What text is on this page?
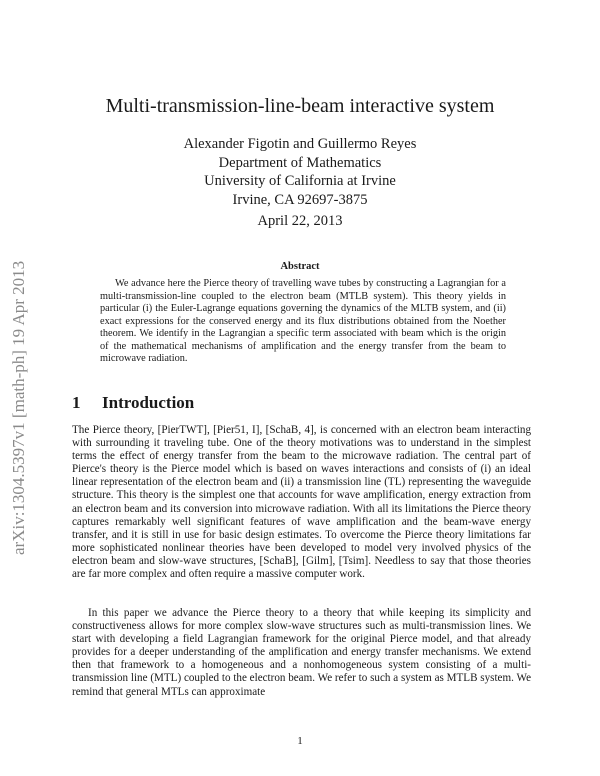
arXiv:1304.5397v1 [math-ph] 19 Apr 2013
Multi-transmission-line-beam interactive system
Alexander Figotin and Guillermo Reyes
Department of Mathematics
University of California at Irvine
Irvine, CA 92697-3875
April 22, 2013
Abstract

We advance here the Pierce theory of travelling wave tubes by constructing a Lagrangian for a multi-transmission-line coupled to the electron beam (MTLB system). This theory yields in particular (i) the Euler-Lagrange equations governing the dynamics of the MLTB system, and (ii) exact expressions for the conserved energy and its flux distributions obtained from the Noether theorem. We identify in the Lagrangian a specific term associated with beam which is the origin of the mathematical mechanisms of amplification and the energy transfer from the beam to microwave radiation.

1 Introduction

The Pierce theory, [PierTWT], [Pier51, I], [SchaB, 4], is concerned with an electron beam interacting with surrounding it traveling tube. One of the theory motivations was to understand in the simplest terms the effect of energy transfer from the beam to the microwave radiation. The central part of Pierce's theory is the Pierce model which is based on waves interactions and consists of (i) an ideal linear representation of the electron beam and (ii) a transmission line (TL) representing the waveguide structure. This theory is the simplest one that accounts for wave amplification, energy extraction from an electron beam and its conversion into microwave radiation. With all its limitations the Pierce theory captures remarkably well significant features of wave amplification and the beam-wave energy transfer, and it is still in use for basic design estimates. To overcome the Pierce theory limitations far more sophisticated nonlinear theories have been developed to model very involved physics of the electron beam and slow-wave structures, [SchaB], [Gilm], [Tsim]. Needless to say that those theories are far more complex and often require a massive computer work.

In this paper we advance the Pierce theory to a theory that while keeping its simplicity and constructiveness allows for more complex slow-wave structures such as multi-transmission lines. We start with developing a field Lagrangian framework for the original Pierce model, and that already provides for a deeper understanding of the amplification and energy transfer mechanisms. We extend then that framework to a homogeneous and a nonhomogeneous system consisting of a multi-transmission line (MTL) coupled to the electron beam. We refer to such a system as MTLB system. We remind that general MTLs can approximate

1
